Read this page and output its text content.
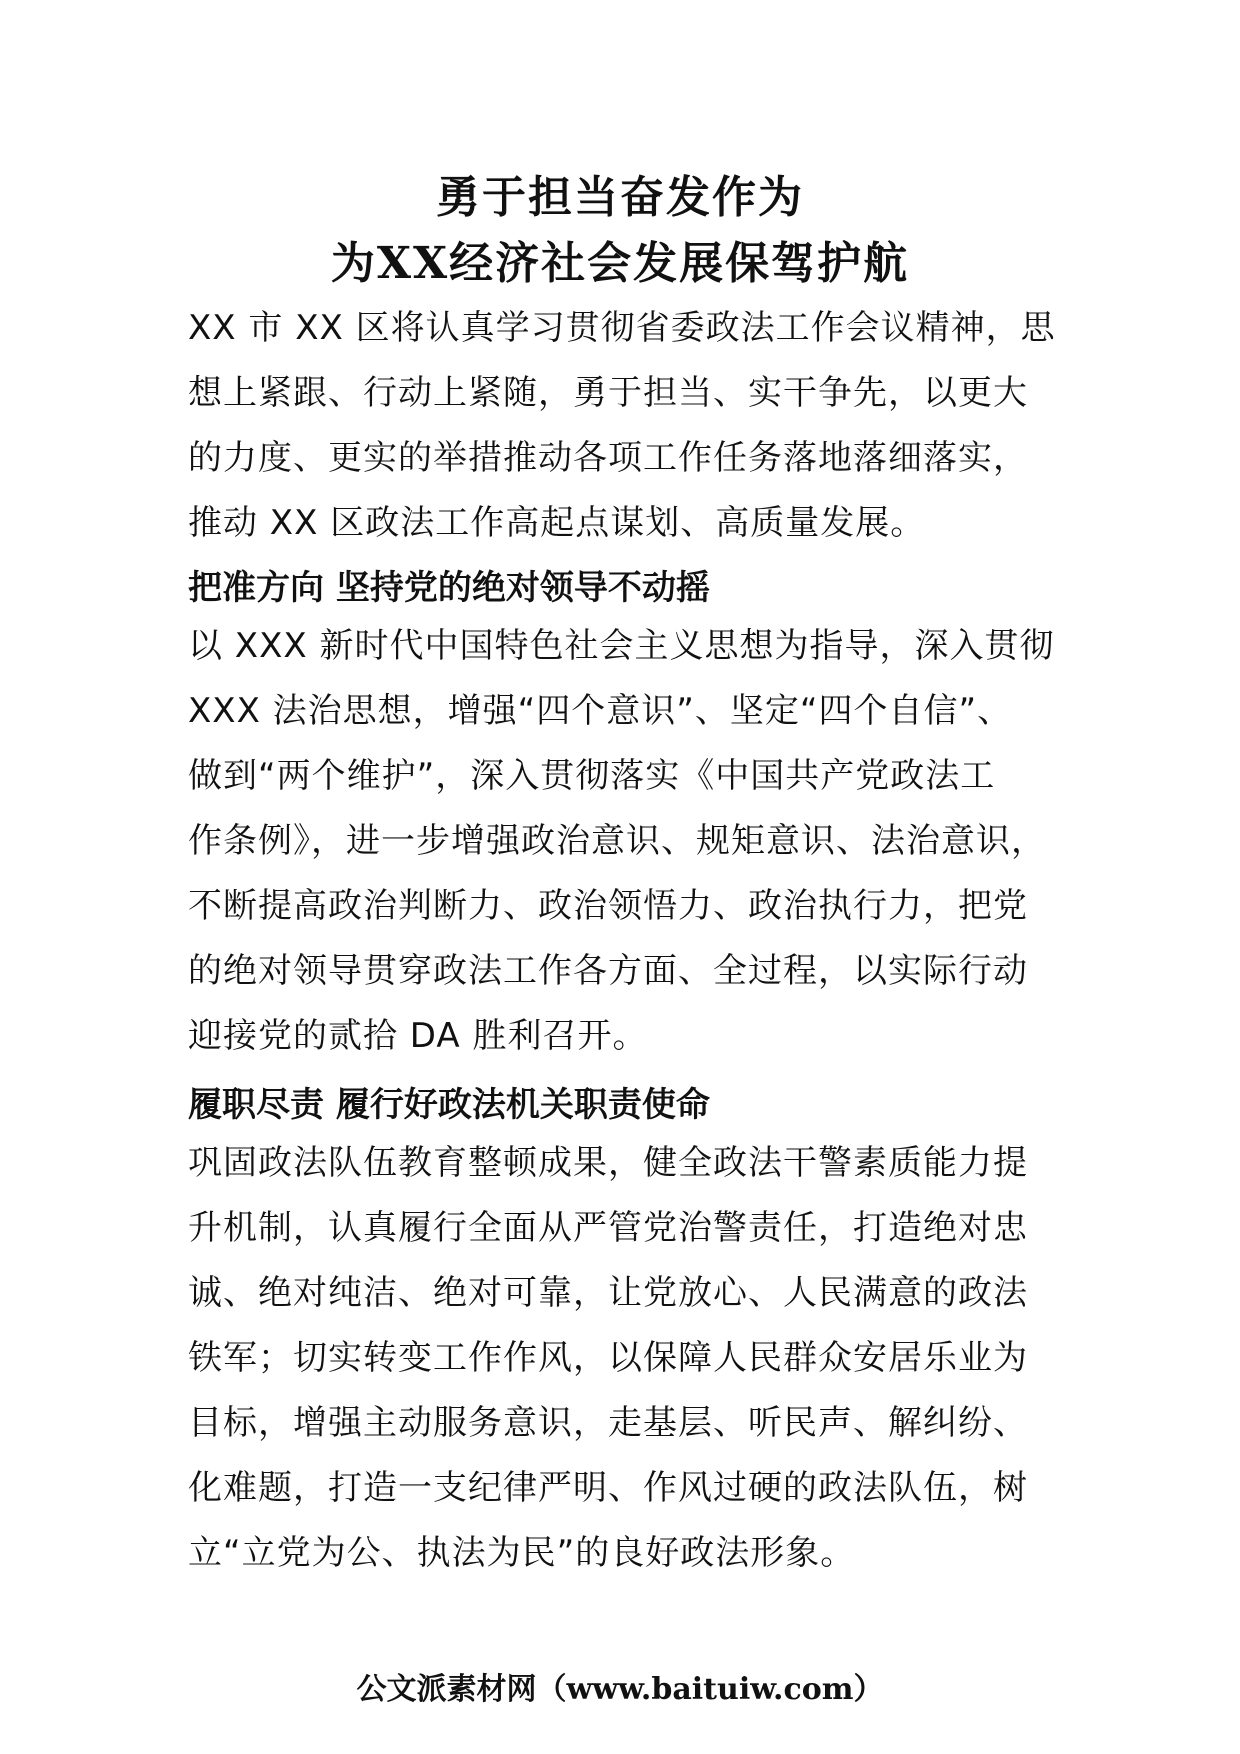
勇于担当奋发作为
为XX经济社会发展保驾护航

XX 市 XX 区将认真学习贯彻省委政法工作会议精神，思
想上紧跟、行动上紧随，勇于担当、实干争先，以更大
的力度、更实的举措推动各项工作任务落地落细落实，
推动 XX 区政法工作高起点谋划、高质量发展。

把准方向 坚持党的绝对领导不动摇

以 XXX 新时代中国特色社会主义思想为指导，深入贯彻
XXX 法治思想，增强“四个意识”、坚定“四个自信”、
做到“两个维护”，深入贯彻落实《中国共产党政法工
作条例》，进一步增强政治意识、规矩意识、法治意识，
不断提高政治判断力、政治领悟力、政治执行力，把党
的绝对领导贯穿政法工作各方面、全过程，以实际行动
迎接党的贰拾 DA 胜利召开。

履职尽责 履行好政法机关职责使命

巩固政法队伍教育整顿成果，健全政法干警素质能力提
升机制，认真履行全面从严管党治警责任，打造绝对忠
诚、绝对纯洁、绝对可靠，让党放心、人民满意的政法
铁军；切实转变工作作风，以保障人民群众安居乐业为
目标，增强主动服务意识，走基层、听民声、解纠纷、
化难题，打造一支纪律严明、作风过硬的政法队伍，树
立“立党为公、执法为民”的良好政法形象。

公文派素材网（www.baituiw.com）
